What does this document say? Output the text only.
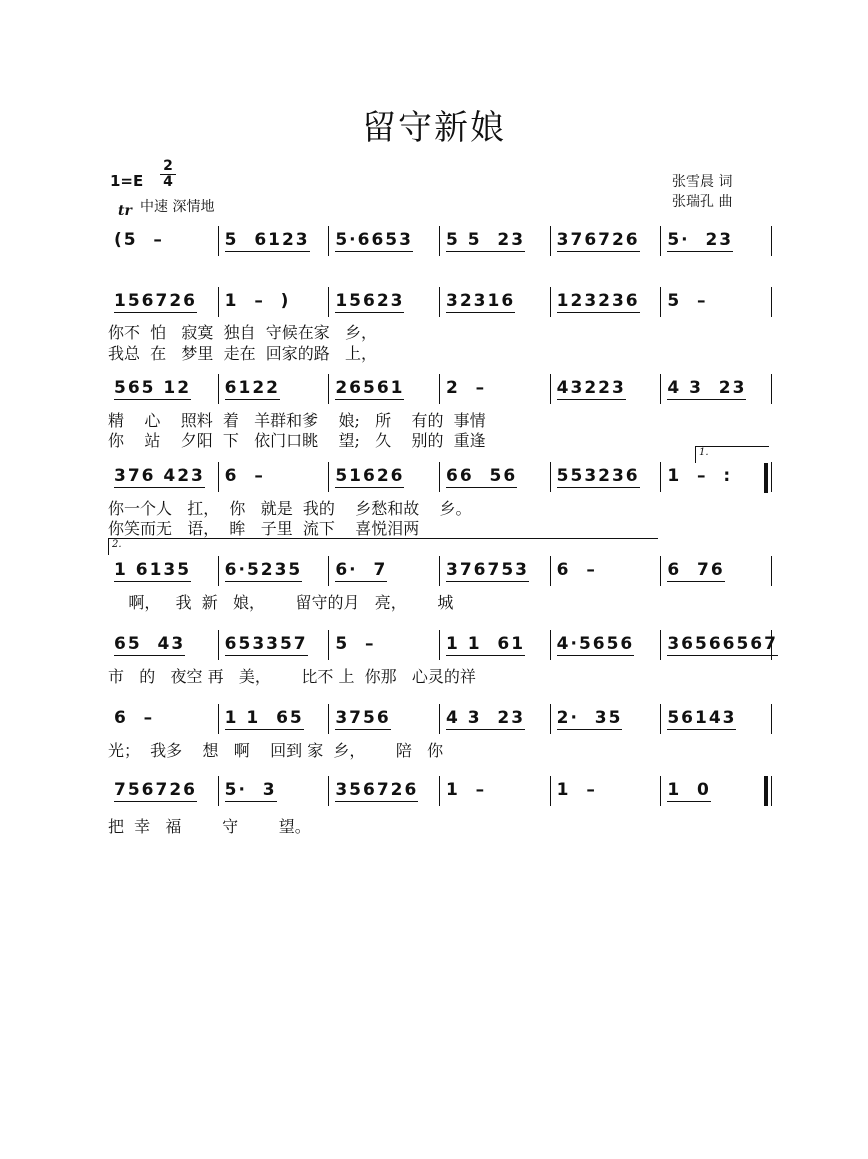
留守新娘
1=E
2
4
tr 中速 深情地
张雪晨 词
张瑞孔 曲
(5  –	5  6123 5·6653 5 5  23 376726 5·  23
156726 1  –  )	15623 32316 123236 5  –
565 12 6122	26561 2  –	43223 4 3  23
376 423 6  –	51626 66  56 553236 1  –  :
1 6135 6·5235 6·  7	376753 6  –	6  76
65  43 653357 5  –	1 1  61 4·5656 36566567
6  –	1 1  65 3756	4 3  23 2·  35	56143
756726 5·  3	356726 1  –	1  –	1  0
你不  怕   寂寞  独自  守候在家   乡，
我总  在   梦里  走在  回家的路   上，
精    心    照料  着   羊群和爹    娘;   所    有的  事情
你    站    夕阳  下   依门口眺    望;   久    别的  重逢
你一个人   扛，  你   就是  我的    乡愁和故    乡。
你笑而无   语，  眸   子里  流下    喜悦泪两
啊，   我  新   娘，      留守的月   亮，      城
市   的   夜空 再   美，      比不 上  你那   心灵的祥
光；  我多    想   啊    回到 家  乡，      陪   你
把  幸   福        守        望。
1.
2.
